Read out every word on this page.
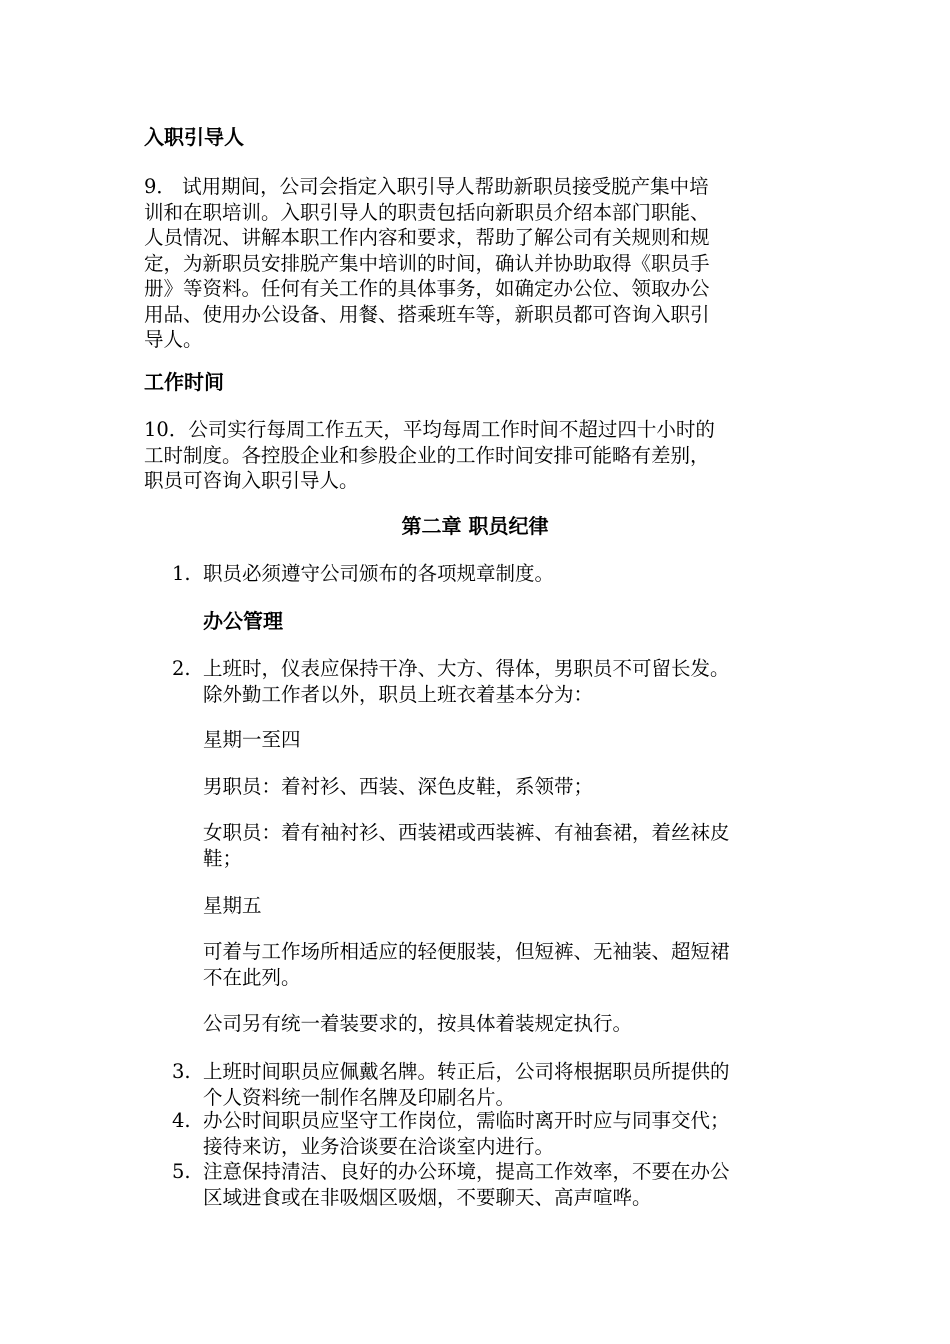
入职引导人
9． 试用期间，公司会指定入职引导人帮助新职员接受脱产集中培
训和在职培训。入职引导人的职责包括向新职员介绍本部门职能、
人员情况、讲解本职工作内容和要求，帮助了解公司有关规则和规
定，为新职员安排脱产集中培训的时间，确认并协助取得《职员手
册》等资料。任何有关工作的具体事务，如确定办公位、领取办公
用品、使用办公设备、用餐、搭乘班车等，新职员都可咨询入职引
导人。
工作时间
10．公司实行每周工作五天，平均每周工作时间不超过四十小时的
工时制度。各控股企业和参股企业的工作时间安排可能略有差别，
职员可咨询入职引导人。
第二章 职员纪律
1. 职员必须遵守公司颁布的各项规章制度。
办公管理
2. 上班时，仪表应保持干净、大方、得体，男职员不可留长发。
除外勤工作者以外，职员上班衣着基本分为：
星期一至四
男职员：着衬衫、西装、深色皮鞋，系领带；
女职员：着有袖衬衫、西装裙或西装裤、有袖套裙，着丝袜皮
鞋；
星期五
可着与工作场所相适应的轻便服装，但短裤、无袖装、超短裙
不在此列。
公司另有统一着装要求的，按具体着装规定执行。
3. 上班时间职员应佩戴名牌。转正后，公司将根据职员所提供的
个人资料统一制作名牌及印刷名片。
4. 办公时间职员应坚守工作岗位，需临时离开时应与同事交代；
接待来访，业务洽谈要在洽谈室内进行。
5. 注意保持清洁、良好的办公环境，提高工作效率，不要在办公
区域进食或在非吸烟区吸烟，不要聊天、高声喧哗。
